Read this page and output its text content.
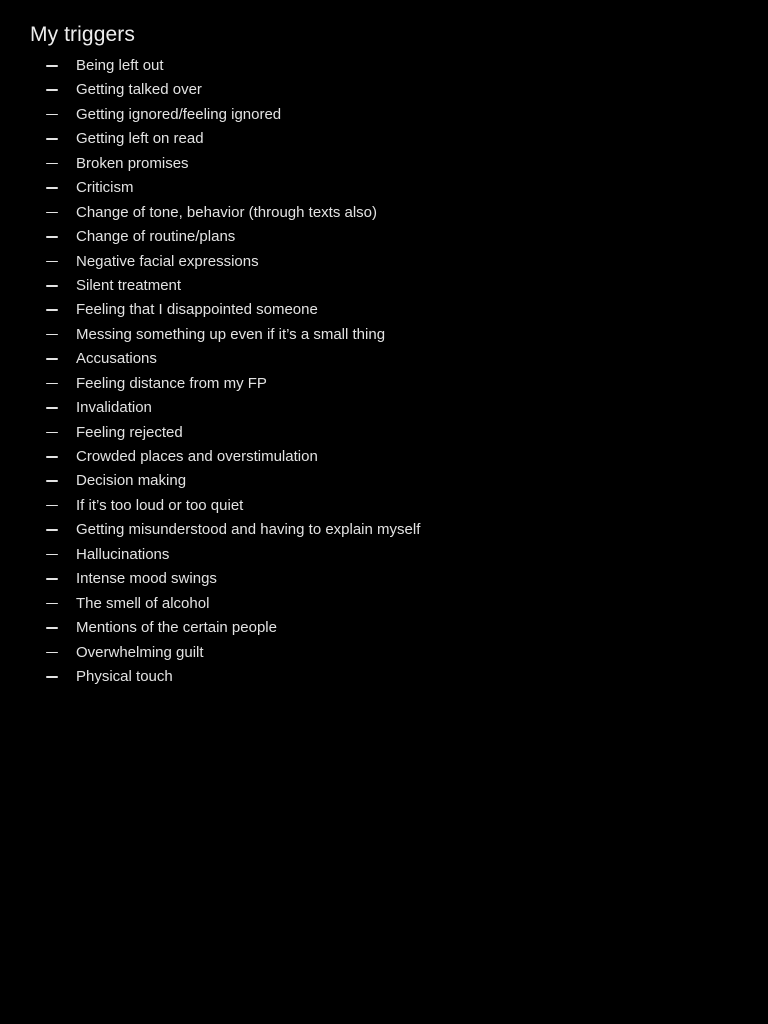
My triggers
Being left out
Getting talked over
Getting ignored/feeling ignored
Getting left on read
Broken promises
Criticism
Change of tone, behavior (through texts also)
Change of routine/plans
Negative facial expressions
Silent treatment
Feeling that I disappointed someone
Messing something up even if it’s a small thing
Accusations
Feeling distance from my FP
Invalidation
Feeling rejected
Crowded places and overstimulation
Decision making
If it’s too loud or too quiet
Getting misunderstood and having to explain myself
Hallucinations
Intense mood swings
The smell of alcohol
Mentions of the certain people
Overwhelming guilt
Physical touch
